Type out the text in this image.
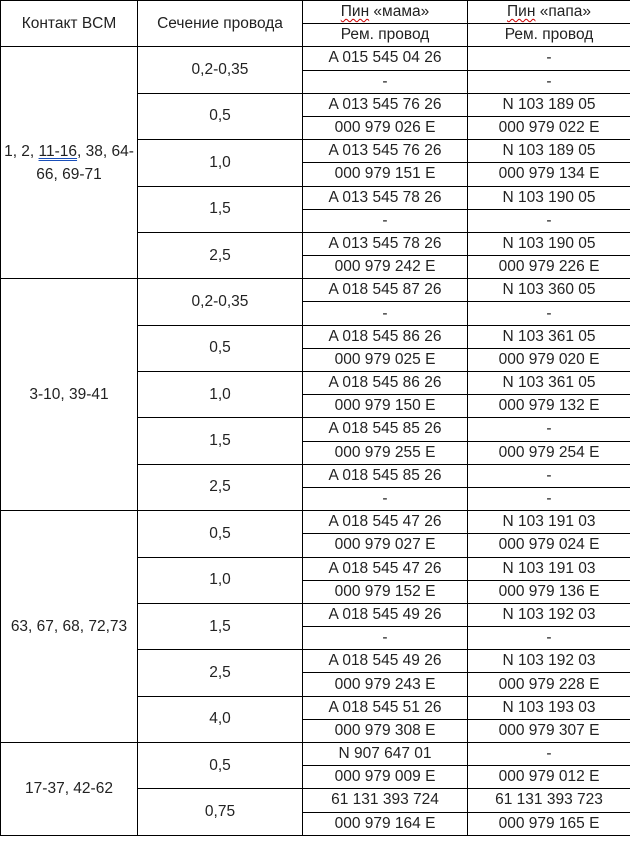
Контакт BCM	Сечение провода	Пин «мама»	Пин «папа»
		Рем. провод	Рем. провод
1, 2, 11-16, 38, 64-66, 69-71	0,2-0,35	A 015 545 04 26	-
		-	-
	0,5	A 013 545 76 26	N 103 189 05
		000 979 026 E	000 979 022 E
	1,0	A 013 545 76 26	N 103 189 05
		000 979 151 E	000 979 134 E
	1,5	A 013 545 78 26	N 103 190 05
		-	-
	2,5	A 013 545 78 26	N 103 190 05
		000 979 242 E	000 979 226 E
3-10, 39-41	0,2-0,35	A 018 545 87 26	N 103 360 05
		-	-
	0,5	A 018 545 86 26	N 103 361 05
		000 979 025 E	000 979 020 E
	1,0	A 018 545 86 26	N 103 361 05
		000 979 150 E	000 979 132 E
	1,5	A 018 545 85 26	-
		000 979 255 E	000 979 254 E
	2,5	A 018 545 85 26	-
		-	-
63, 67, 68, 72,73	0,5	A 018 545 47 26	N 103 191 03
		000 979 027 E	000 979 024 E
	1,0	A 018 545 47 26	N 103 191 03
		000 979 152 E	000 979 136 E
	1,5	A 018 545 49 26	N 103 192 03
		-	-
	2,5	A 018 545 49 26	N 103 192 03
		000 979 243 E	000 979 228 E
	4,0	A 018 545 51 26	N 103 193 03
		000 979 308 E	000 979 307 E
17-37, 42-62	0,5	N 907 647 01	-
		000 979 009 E	000 979 012 E
	0,75	61 131 393 724	61 131 393 723
		000 979 164 E	000 979 165 E
